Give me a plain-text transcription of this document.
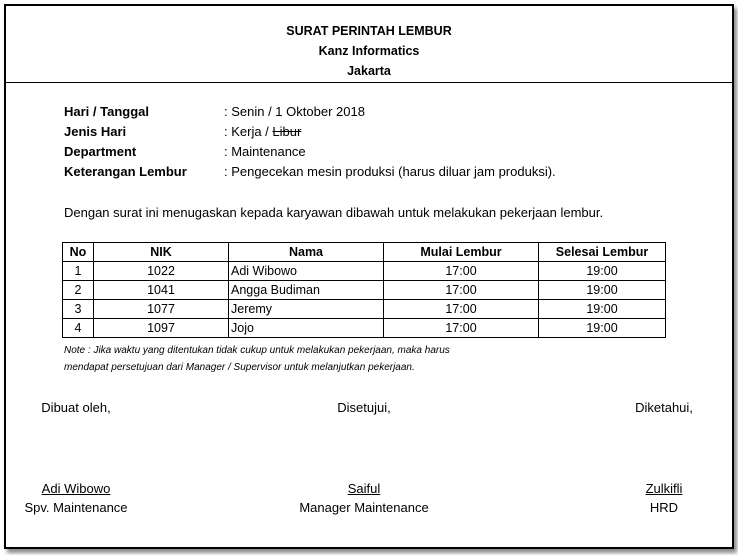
SURAT PERINTAH LEMBUR
Kanz Informatics
Jakarta
Hari / Tanggal	: Senin / 1 Oktober 2018
Jenis Hari	: Kerja / Libur
Department	: Maintenance
Keterangan Lembur	: Pengecekan mesin produksi (harus diluar jam produksi).
Dengan surat ini menugaskan kepada karyawan dibawah untuk melakukan pekerjaan lembur.
No	NIK	Nama	Mulai Lembur	Selesai Lembur
1	1022	Adi Wibowo	17:00	19:00
2	1041	Angga Budiman	17:00	19:00
3	1077	Jeremy	17:00	19:00
4	1097	Jojo	17:00	19:00
Note : Jika waktu yang ditentukan tidak cukup untuk melakukan pekerjaan, maka harus
mendapat persetujuan dari Manager / Supervisor untuk melanjutkan pekerjaan.
Dibuat oleh,
Adi Wibowo
Spv. Maintenance
Disetujui,
Saiful
Manager Maintenance
Diketahui,
Zulkifli
HRD
